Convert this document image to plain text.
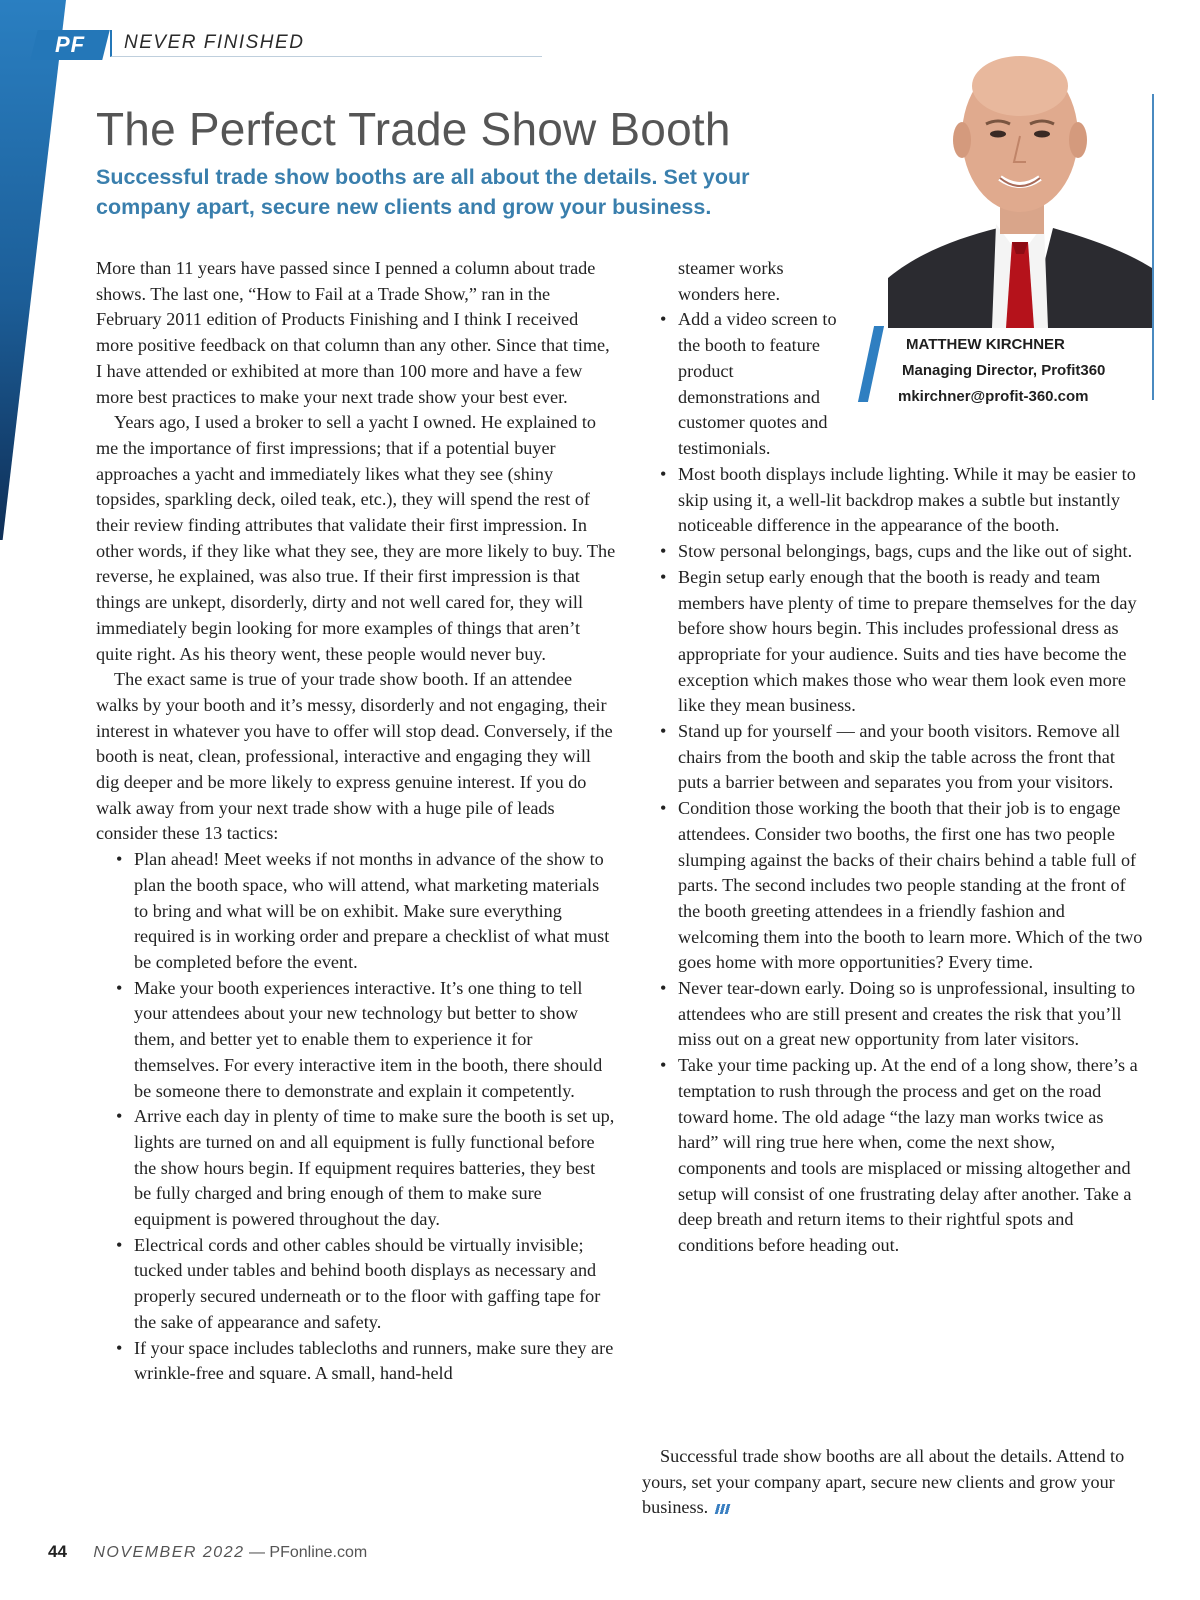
PF	NEVER FINISHED
The Perfect Trade Show Booth

Successful trade show booths are all about the details. Set your company apart, secure new clients and grow your business.

MATTHEW KIRCHNER
Managing Director, Profit360
mkirchner@profit-360.com

More than 11 years have passed since I penned a column about trade shows. The last one, “How to Fail at a Trade Show,” ran in the February 2011 edition of Products Finishing and I think I received more positive feedback on that column than any other. Since that time, I have attended or exhibited at more than 100 more and have a few more best practices to make your next trade show your best ever.

Years ago, I used a broker to sell a yacht I owned. He explained to me the importance of first impressions; that if a potential buyer approaches a yacht and immediately likes what they see (shiny topsides, sparkling deck, oiled teak, etc.), they will spend the rest of their review finding attributes that validate their first impression. In other words, if they like what they see, they are more likely to buy. The reverse, he explained, was also true. If their first impression is that things are unkept, disorderly, dirty and not well cared for, they will immediately begin looking for more examples of things that aren’t quite right. As his theory went, these people would never buy.

The exact same is true of your trade show booth. If an attendee walks by your booth and it’s messy, disorderly and not engaging, their interest in whatever you have to offer will stop dead. Conversely, if the booth is neat, clean, professional, interactive and engaging they will dig deeper and be more likely to express genuine interest. If you do walk away from your next trade show with a huge pile of leads consider these 13 tactics:

• Plan ahead! Meet weeks if not months in advance of the show to plan the booth space, who will attend, what marketing materials to bring and what will be on exhibit. Make sure everything required is in working order and prepare a checklist of what must be completed before the event.
• Make your booth experiences interactive. It’s one thing to tell your attendees about your new technology but better to show them, and better yet to enable them to experience it for themselves. For every interactive item in the booth, there should be someone there to demonstrate and explain it competently.
• Arrive each day in plenty of time to make sure the booth is set up, lights are turned on and all equipment is fully functional before the show hours begin. If equipment requires batteries, they best be fully charged and bring enough of them to make sure equipment is powered throughout the day.
• Electrical cords and other cables should be virtually invisible; tucked under tables and behind booth displays as necessary and properly secured underneath or to the floor with gaffing tape for the sake of appearance and safety.
• If your space includes tablecloths and runners, make sure they are wrinkle-free and square. A small, hand-held

steamer works wonders here.

• Add a video screen to the booth to feature product demonstrations and customer quotes and testimonials.
• Most booth displays include lighting. While it may be easier to skip using it, a well-lit backdrop makes a subtle but instantly noticeable difference in the appearance of the booth.
• Stow personal belongings, bags, cups and the like out of sight.
• Begin setup early enough that the booth is ready and team members have plenty of time to prepare themselves for the day before show hours begin. This includes professional dress as appropriate for your audience. Suits and ties have become the exception which makes those who wear them look even more like they mean business.
• Stand up for yourself — and your booth visitors. Remove all chairs from the booth and skip the table across the front that puts a barrier between and separates you from your visitors.
• Condition those working the booth that their job is to engage attendees. Consider two booths, the first one has two people slumping against the backs of their chairs behind a table full of parts. The second includes two people standing at the front of the booth greeting attendees in a friendly fashion and welcoming them into the booth to learn more. Which of the two goes home with more opportunities? Every time.
• Never tear-down early. Doing so is unprofessional, insulting to attendees who are still present and creates the risk that you’ll miss out on a great new opportunity from later visitors.
• Take your time packing up. At the end of a long show, there’s a temptation to rush through the process and get on the road toward home. The old adage “the lazy man works twice as hard” will ring true here when, come the next show, components and tools are misplaced or missing altogether and setup will consist of one frustrating delay after another. Take a deep breath and return items to their rightful spots and conditions before heading out.

Successful trade show booths are all about the details. Attend to yours, set your company apart, secure new clients and grow your business.

44 NOVEMBER 2022 — PFonline.com
